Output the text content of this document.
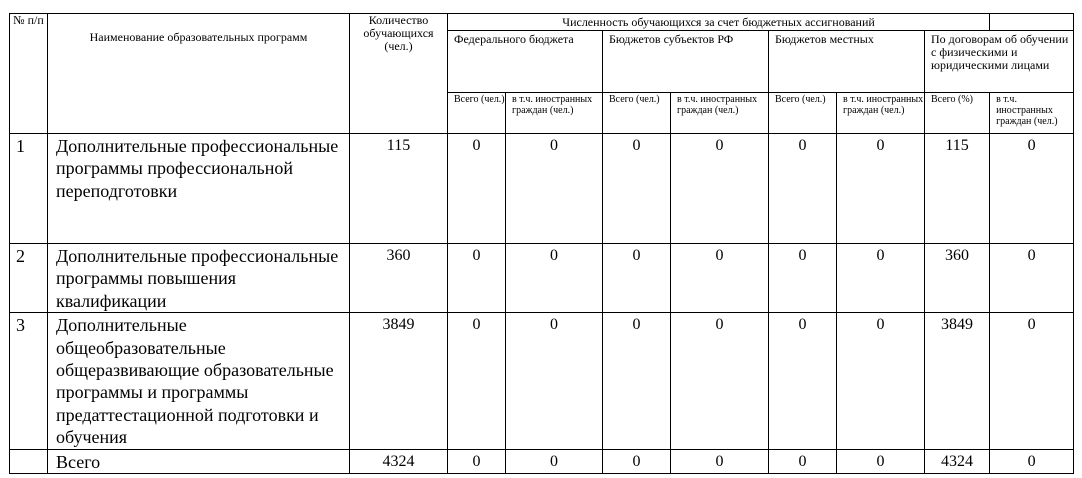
№ п/п	Наименование образовательных программ	Количество обучающихся (чел.)	Численность обучающихся за счет бюджетных ассигнований							
			Федерального бюджета		Бюджетов субъектов РФ		Бюджетов местных		По договорам об обучении с физическими и юридическими лицами	
			Всего (чел.)	в т.ч. иностранных граждан (чел.)	Всего (чел.)	в т.ч. иностранных граждан (чел.)	Всего (чел.)	в т.ч. иностранных граждан (чел.)	Всего (%)	в т.ч. иностранных граждан (чел.)
1	Дополнительные профессиональные программы профессиональной переподготовки	115	0	0	0	0	0	0	115	0
2	Дополнительные профессиональные программы повышения квалификации	360	0	0	0	0	0	0	360	0
3	Дополнительные общеобразовательные общеразвивающие образовательные программы и программы предаттестационной подготовки и обучения	3849	0	0	0	0	0	0	3849	0
	Всего	4324	0	0	0	0	0	0	4324	0
